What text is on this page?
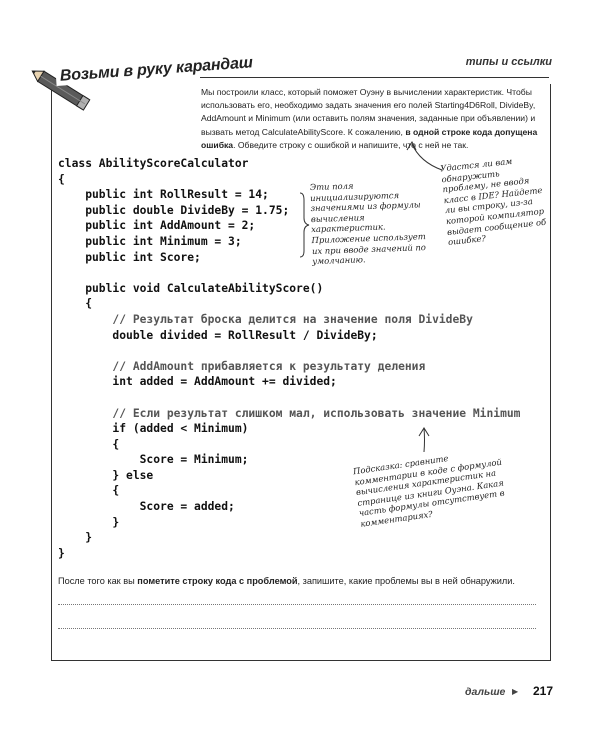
типы и ссылки
Возьми в руку карандаш
Мы построили класс, который поможет Оуэну в вычислении характеристик. Чтобы использовать его, необходимо задать значения его полей Starting4D6Roll, DivideBy, AddAmount и Minimum (или оставить полям значения, заданные при объявлении) и вызвать метод CalculateAbilityScore. К сожалению, в одной строке кода допущена ошибка. Обведите строку с ошибкой и напишите, что с ней не так.
class AbilityScoreCalculator
{
public int RollResult = 14;
public double DivideBy = 1.75;
public int AddAmount = 2;
public int Minimum = 3;
public int Score;
public void CalculateAbilityScore()
{
// Результат броска делится на значение поля DivideBy
double divided = RollResult / DivideBy;
// AddAmount прибавляется к результату деления
int added = AddAmount += divided;
// Если результат слишком мал, использовать значение Minimum
if (added < Minimum)
{
Score = Minimum;
} else
{
Score = added;
}
}
}
Эти поля инициализируются значениями из формулы вычисления характеристик. Приложение использует их при вводе значений по умолчанию.
Удастся ли вам обнаружить проблему, не вводя класс в IDE? Найдете ли вы строку, из-за которой компилятор выдает сообщение об ошибке?
Подсказка: сравните комментарии в коде с формулой вычисления характеристик на странице из книги Оуэна. Какая часть формулы отсутствует в комментариях?
После того как вы пометите строку кода с проблемой, запишите, какие проблемы вы в ней обнаружили.
дальше ▶ 217
